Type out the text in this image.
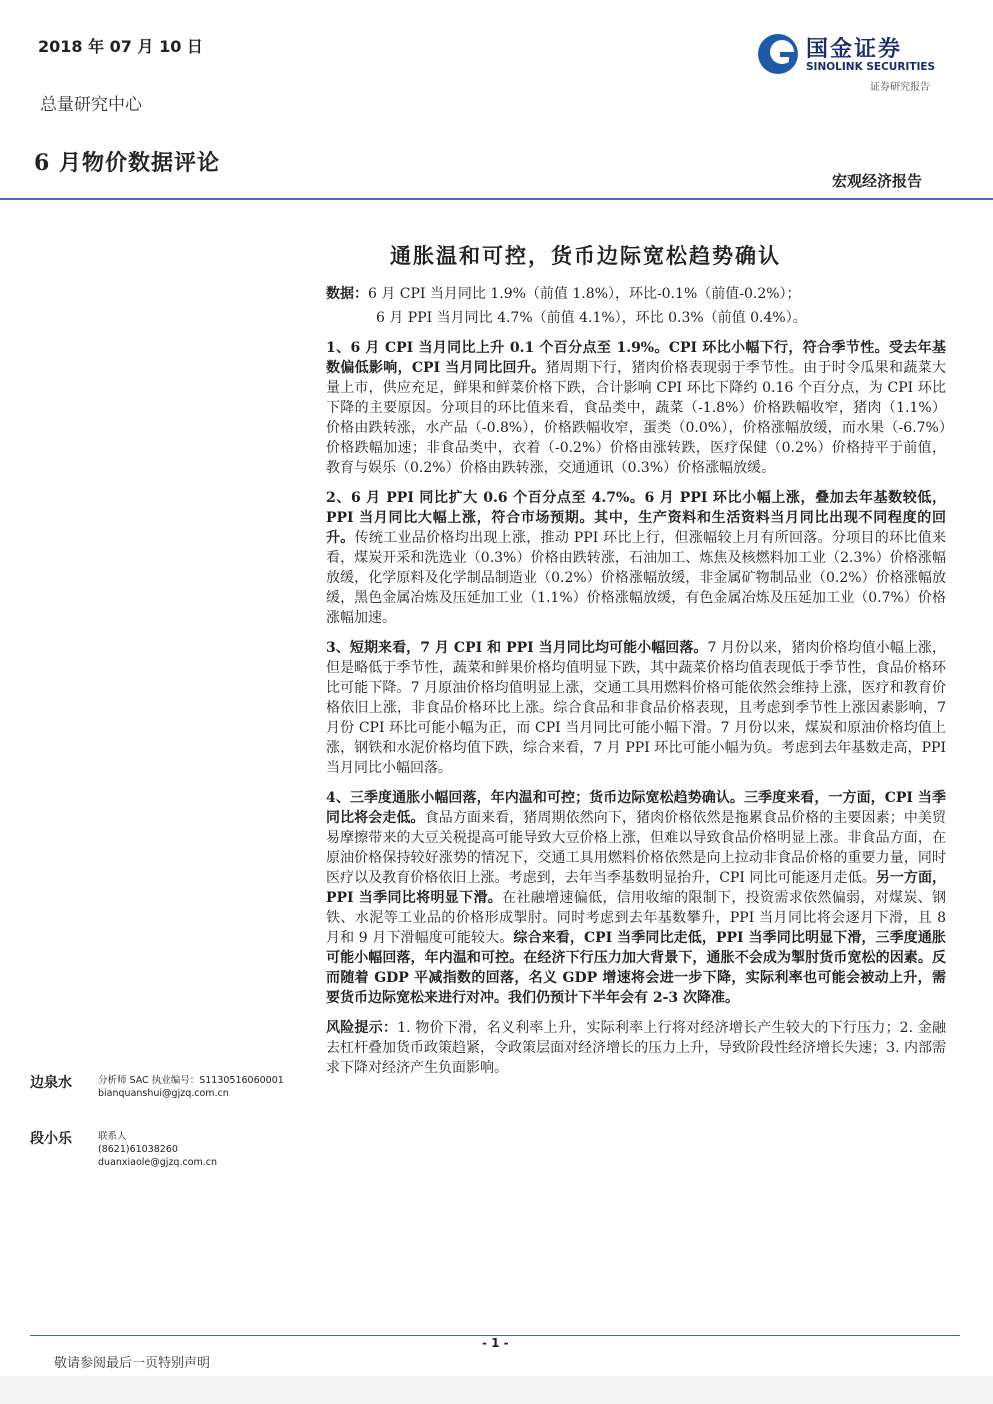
2018 年 07 月 10 日
总量研究中心
6 月物价数据评论
国金证券
SINOLINK SECURITIES
证券研究报告
宏观经济报告
通胀温和可控，货币边际宽松趋势确认

数据：6 月 CPI 当月同比 1.9%（前值 1.8%），环比-0.1%（前值-0.2%）；

6 月 PPI 当月同比 4.7%（前值 4.1%），环比 0.3%（前值 0.4%）。

1、6 月 CPI 当月同比上升 0.1 个百分点至 1.9%。CPI 环比小幅下行，符合季节性。受去年基数偏低影响，CPI 当月同比回升。猪周期下行，猪肉价格表现弱于季节性。由于时令瓜果和蔬菜大量上市，供应充足，鲜果和鲜菜价格下跌，合计影响 CPI 环比下降约 0.16 个百分点，为 CPI 环比下降的主要原因。分项目的环比值来看，食品类中，蔬菜（-1.8%）价格跌幅收窄，猪肉（1.1%）价格由跌转涨，水产品（-0.8%），价格跌幅收窄，蛋类（0.0%），价格涨幅放缓，而水果（-6.7%）价格跌幅加速；非食品类中，衣着（-0.2%）价格由涨转跌，医疗保健（0.2%）价格持平于前值，教育与娱乐（0.2%）价格由跌转涨，交通通讯（0.3%）价格涨幅放缓。

2、6 月 PPI 同比扩大 0.6 个百分点至 4.7%。6 月 PPI 环比小幅上涨，叠加去年基数较低，PPI 当月同比大幅上涨，符合市场预期。其中，生产资料和生活资料当月同比出现不同程度的回升。传统工业品价格均出现上涨，推动 PPI 环比上行，但涨幅较上月有所回落。分项目的环比值来看，煤炭开采和洗选业（0.3%）价格由跌转涨，石油加工、炼焦及核燃料加工业（2.3%）价格涨幅放缓，化学原料及化学制品制造业（0.2%）价格涨幅放缓，非金属矿物制品业（0.2%）价格涨幅放缓，黑色金属冶炼及压延加工业（1.1%）价格涨幅放缓，有色金属冶炼及压延加工业（0.7%）价格涨幅加速。

3、短期来看，7 月 CPI 和 PPI 当月同比均可能小幅回落。7 月份以来，猪肉价格均值小幅上涨，但是略低于季节性，蔬菜和鲜果价格均值明显下跌，其中蔬菜价格均值表现低于季节性，食品价格环比可能下降。7 月原油价格均值明显上涨，交通工具用燃料价格可能依然会维持上涨，医疗和教育价格依旧上涨，非食品价格环比上涨。综合食品和非食品价格表现，且考虑到季节性上涨因素影响，7 月份 CPI 环比可能小幅为正，而 CPI 当月同比可能小幅下滑。7 月份以来，煤炭和原油价格均值上涨，钢铁和水泥价格均值下跌，综合来看，7 月 PPI 环比可能小幅为负。考虑到去年基数走高，PPI 当月同比小幅回落。

4、三季度通胀小幅回落，年内温和可控；货币边际宽松趋势确认。三季度来看，一方面，CPI 当季同比将会走低。食品方面来看，猪周期依然向下，猪肉价格依然是拖累食品价格的主要因素；中美贸易摩擦带来的大豆关税提高可能导致大豆价格上涨，但难以导致食品价格明显上涨。非食品方面，在原油价格保持较好涨势的情况下，交通工具用燃料价格依然是向上拉动非食品价格的重要力量，同时医疗以及教育价格依旧上涨。考虑到，去年当季基数明显抬升，CPI 同比可能逐月走低。另一方面，PPI 当季同比将明显下滑。在社融增速偏低，信用收缩的限制下，投资需求依然偏弱，对煤炭、钢铁、水泥等工业品的价格形成掣肘。同时考虑到去年基数攀升，PPI 当月同比将会逐月下滑，且 8 月和 9 月下滑幅度可能较大。综合来看，CPI 当季同比走低，PPI 当季同比明显下滑，三季度通胀可能小幅回落，年内温和可控。在经济下行压力加大背景下，通胀不会成为掣肘货币宽松的因素。反而随着 GDP 平减指数的回落，名义 GDP 增速将会进一步下降，实际利率也可能会被动上升，需要货币边际宽松来进行对冲。我们仍预计下半年会有 2-3 次降准。

风险提示：1. 物价下滑，名义利率上升，实际利率上行将对经济增长产生较大的下行压力；2. 金融去杠杆叠加货币政策趋紧，令政策层面对经济增长的压力上升，导致阶段性经济增长失速；3. 内部需求下降对经济产生负面影响。

边泉水	分析师 SAC 执业编号：S1130516060001
bianquanshui@gjzq.com.cn
段小乐	联系人
(8621)61038260
duanxiaole@gjzq.com.cn
- 1 -
敬请参阅最后一页特别声明
